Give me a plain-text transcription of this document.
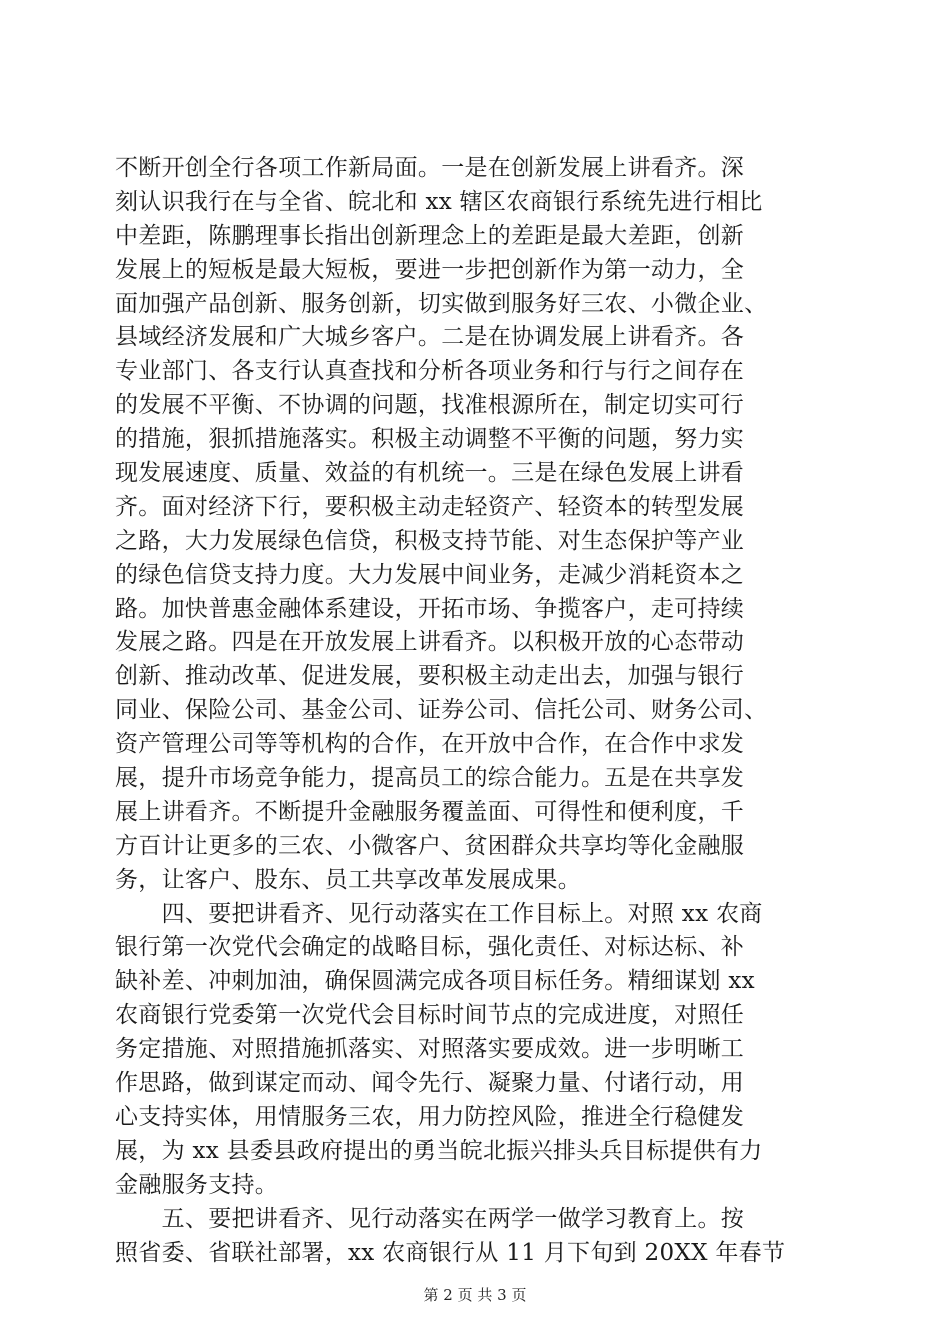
不断开创全行各项工作新局面。一是在创新发展上讲看齐。深
刻认识我行在与全省、皖北和 xx 辖区农商银行系统先进行相比
中差距，陈鹏理事长指出创新理念上的差距是最大差距，创新
发展上的短板是最大短板，要进一步把创新作为第一动力，全
面加强产品创新、服务创新，切实做到服务好三农、小微企业、
县域经济发展和广大城乡客户。二是在协调发展上讲看齐。各
专业部门、各支行认真查找和分析各项业务和行与行之间存在
的发展不平衡、不协调的问题，找准根源所在，制定切实可行
的措施，狠抓措施落实。积极主动调整不平衡的问题，努力实
现发展速度、质量、效益的有机统一。三是在绿色发展上讲看
齐。面对经济下行，要积极主动走轻资产、轻资本的转型发展
之路，大力发展绿色信贷，积极支持节能、对生态保护等产业
的绿色信贷支持力度。大力发展中间业务，走减少消耗资本之
路。加快普惠金融体系建设，开拓市场、争揽客户，走可持续
发展之路。四是在开放发展上讲看齐。以积极开放的心态带动
创新、推动改革、促进发展，要积极主动走出去，加强与银行
同业、保险公司、基金公司、证券公司、信托公司、财务公司、
资产管理公司等等机构的合作，在开放中合作，在合作中求发
展，提升市场竞争能力，提高员工的综合能力。五是在共享发
展上讲看齐。不断提升金融服务覆盖面、可得性和便利度，千
方百计让更多的三农、小微客户、贫困群众共享均等化金融服
务，让客户、股东、员工共享改革发展成果。
　　四、要把讲看齐、见行动落实在工作目标上。对照 xx 农商
银行第一次党代会确定的战略目标，强化责任、对标达标、补
缺补差、冲刺加油，确保圆满完成各项目标任务。精细谋划 xx
农商银行党委第一次党代会目标时间节点的完成进度，对照任
务定措施、对照措施抓落实、对照落实要成效。进一步明晰工
作思路，做到谋定而动、闻令先行、凝聚力量、付诸行动，用
心支持实体，用情服务三农，用力防控风险，推进全行稳健发
展，为 xx 县委县政府提出的勇当皖北振兴排头兵目标提供有力
金融服务支持。
　　五、要把讲看齐、见行动落实在两学一做学习教育上。按
照省委、省联社部署，xx 农商银行从 11 月下旬到 20XX 年春节
第 2 页 共 3 页
